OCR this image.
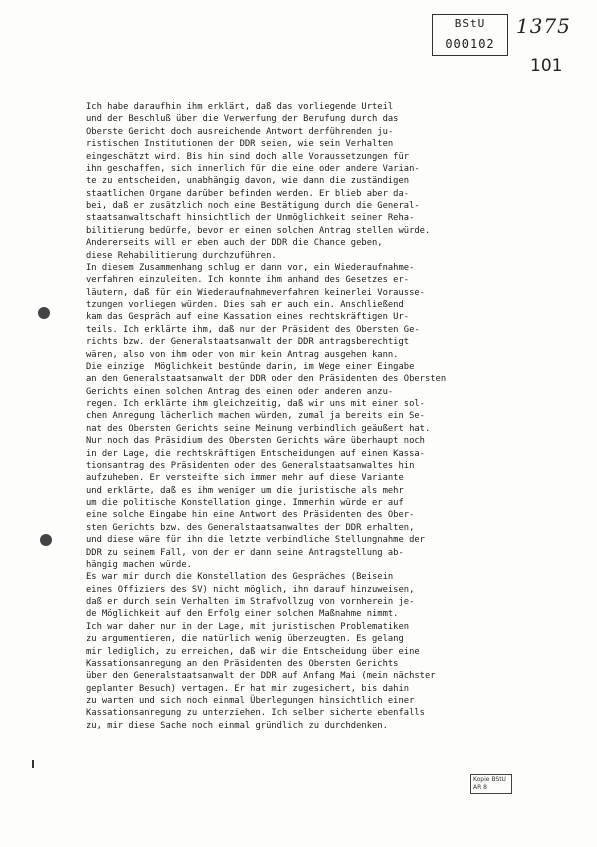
BStU
000102
1375
101
Ich habe daraufhin ihm erklärt, daß das vorliegende Urteil
und der Beschluß über die Verwerfung der Berufung durch das
Oberste Gericht doch ausreichende Antwort derführenden ju-
ristischen Institutionen der DDR seien, wie sein Verhalten
eingeschätzt wird. Bis hin sind doch alle Voraussetzungen für
ihn geschaffen, sich innerlich für die eine oder andere Varian-
te zu entscheiden, unabhängig davon, wie dann die zuständigen
staatlichen Organe darüber befinden werden. Er blieb aber da-
bei, daß er zusätzlich noch eine Bestätigung durch die General-
staatsanwaltschaft hinsichtlich der Unmöglichkeit seiner Reha-
bilitierung bedürfe, bevor er einen solchen Antrag stellen würde.
Andererseits will er eben auch der DDR die Chance geben,
diese Rehabilitierung durchzuführen.
In diesem Zusammenhang schlug er dann vor, ein Wiederaufnahme-
verfahren einzuleiten. Ich konnte ihm anhand des Gesetzes er-
läutern, daß für ein Wiederaufnahmeverfahren keinerlei Vorausse-
tzungen vorliegen würden. Dies sah er auch ein. Anschließend
kam das Gespräch auf eine Kassation eines rechtskräftigen Ur-
teils. Ich erklärte ihm, daß nur der Präsident des Obersten Ge-
richts bzw. der Generalstaatsanwalt der DDR antragsberechtigt
wären, also von ihm oder von mir kein Antrag ausgehen kann.
Die einzige  Möglichkeit bestünde darin, im Wege einer Eingabe
an den Generalstaatsanwalt der DDR oder den Präsidenten des Obersten
Gerichts einen solchen Antrag des einen oder anderen anzu-
regen. Ich erklärte ihm gleichzeitig, daß wir uns mit einer sol-
chen Anregung lächerlich machen würden, zumal ja bereits ein Se-
nat des Obersten Gerichts seine Meinung verbindlich geäußert hat.
Nur noch das Präsidium des Obersten Gerichts wäre überhaupt noch
in der Lage, die rechtskräftigen Entscheidungen auf einen Kassa-
tionsantrag des Präsidenten oder des Generalstaatsanwaltes hin
aufzuheben. Er versteifte sich immer mehr auf diese Variante
und erklärte, daß es ihm weniger um die juristische als mehr
um die politische Konstellation ginge. Immerhin würde er auf
eine solche Eingabe hin eine Antwort des Präsidenten des Ober-
sten Gerichts bzw. des Generalstaatsanwaltes der DDR erhalten,
und diese wäre für ihn die letzte verbindliche Stellungnahme der
DDR zu seinem Fall, von der er dann seine Antragstellung ab-
hängig machen würde.
Es war mir durch die Konstellation des Gespräches (Beisein
eines Offiziers des SV) nicht möglich, ihn darauf hinzuweisen,
daß er durch sein Verhalten im Strafvollzug von vornherein je-
de Möglichkeit auf den Erfolg einer solchen Maßnahme nimmt.
Ich war daher nur in der Lage, mit juristischen Problematiken
zu argumentieren, die natürlich wenig überzeugten. Es gelang
mir lediglich, zu erreichen, daß wir die Entscheidung über eine
Kassationsanregung an den Präsidenten des Obersten Gerichts
über den Generalstaatsanwalt der DDR auf Anfang Mai (mein nächster
geplanter Besuch) vertagen. Er hat mir zugesichert, bis dahin
zu warten und sich noch einmal Überlegungen hinsichtlich einer
Kassationsanregung zu unterziehen. Ich selber sicherte ebenfalls
zu, mir diese Sache noch einmal gründlich zu durchdenken.
Kopie BStU
AR 8
